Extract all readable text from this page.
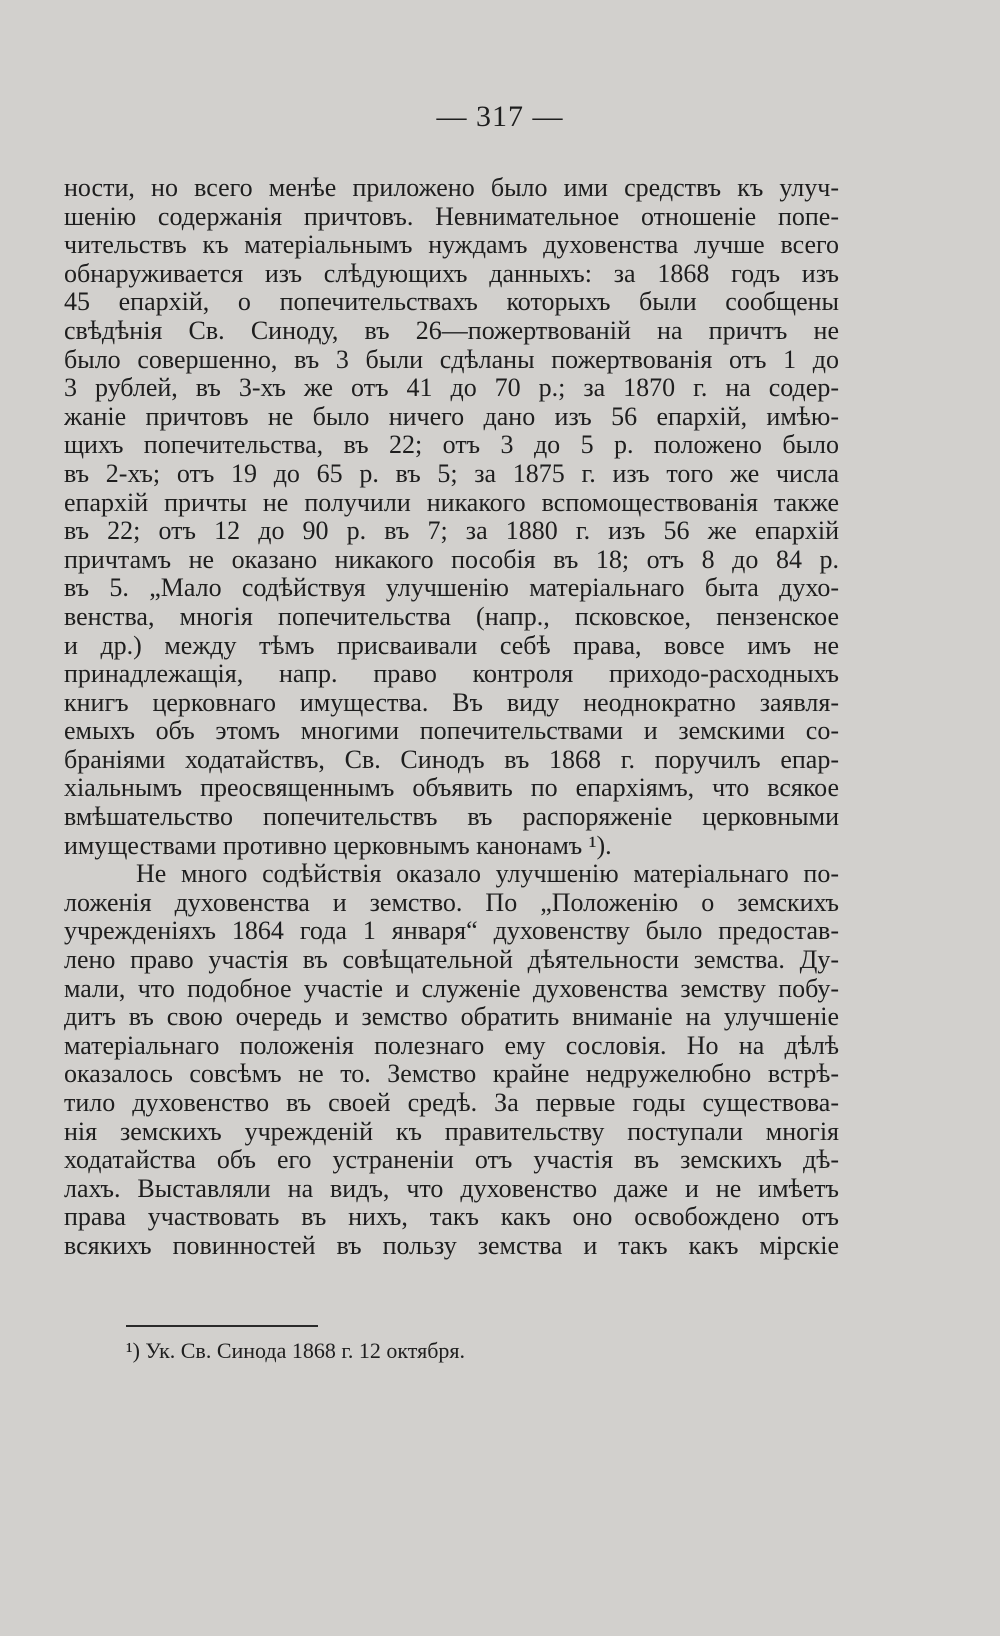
— 317 —
ности, но всего менѣе приложено было ими средствъ къ улуч-
шенію содержанія причтовъ. Невнимательное отношеніе попе-
чительствъ къ матеріальнымъ нуждамъ духовенства лучше всего
обнаруживается изъ слѣдующихъ данныхъ: за 1868 годъ изъ
45 епархій, о попечительствахъ которыхъ были сообщены
свѣдѣнія Св. Синоду, въ 26—пожертвованій на причтъ не
было совершенно, въ 3 были сдѣланы пожертвованія отъ 1 до
3 рублей, въ 3-хъ же отъ 41 до 70 р.; за 1870 г. на содер-
жаніе причтовъ не было ничего дано изъ 56 епархій, имѣю-
щихъ попечительства, въ 22; отъ 3 до 5 р. положено было
въ 2-хъ; отъ 19 до 65 р. въ 5; за 1875 г. изъ того же числа
епархій причты не получили никакого вспомоществованія также
въ 22; отъ 12 до 90 р. въ 7; за 1880 г. изъ 56 же епархій
причтамъ не оказано никакого пособія въ 18; отъ 8 до 84 р.
въ 5. „Мало содѣйствуя улучшенію матеріальнаго быта духо-
венства, многія попечительства (напр., псковское, пензенское
и др.) между тѣмъ присваивали себѣ права, вовсе имъ не
принадлежащія, напр. право контроля приходо-расходныхъ
книгъ церковнаго имущества. Въ виду неоднократно заявля-
емыхъ объ этомъ многими попечительствами и земскими со-
браніями ходатайствъ, Св. Синодъ въ 1868 г. поручилъ епар-
хіальнымъ преосвященнымъ объявить по епархіямъ, что всякое
вмѣшательство попечительствъ въ распоряженіе церковными
имуществами противно церковнымъ канонамъ ¹).
Не много содѣйствія оказало улучшенію матеріальнаго по-
ложенія духовенства и земство. По „Положенію о земскихъ
учрежденіяхъ 1864 года 1 января“ духовенству было предостав-
лено право участія въ совѣщательной дѣятельности земства. Ду-
мали, что подобное участіе и служеніе духовенства земству побу-
дитъ въ свою очередь и земство обратить вниманіе на улучшеніе
матеріальнаго положенія полезнаго ему сословія. Но на дѣлѣ
оказалось совсѣмъ не то. Земство крайне недружелюбно встрѣ-
тило духовенство въ своей средѣ. За первые годы существова-
нія земскихъ учрежденій къ правительству поступали многія
ходатайства объ его устраненіи отъ участія въ земскихъ дѣ-
лахъ. Выставляли на видъ, что духовенство даже и не имѣетъ
права участвовать въ нихъ, такъ какъ оно освобождено отъ
всякихъ повинностей въ пользу земства и такъ какъ мірскіе
¹) Ук. Св. Синода 1868 г. 12 октября.
